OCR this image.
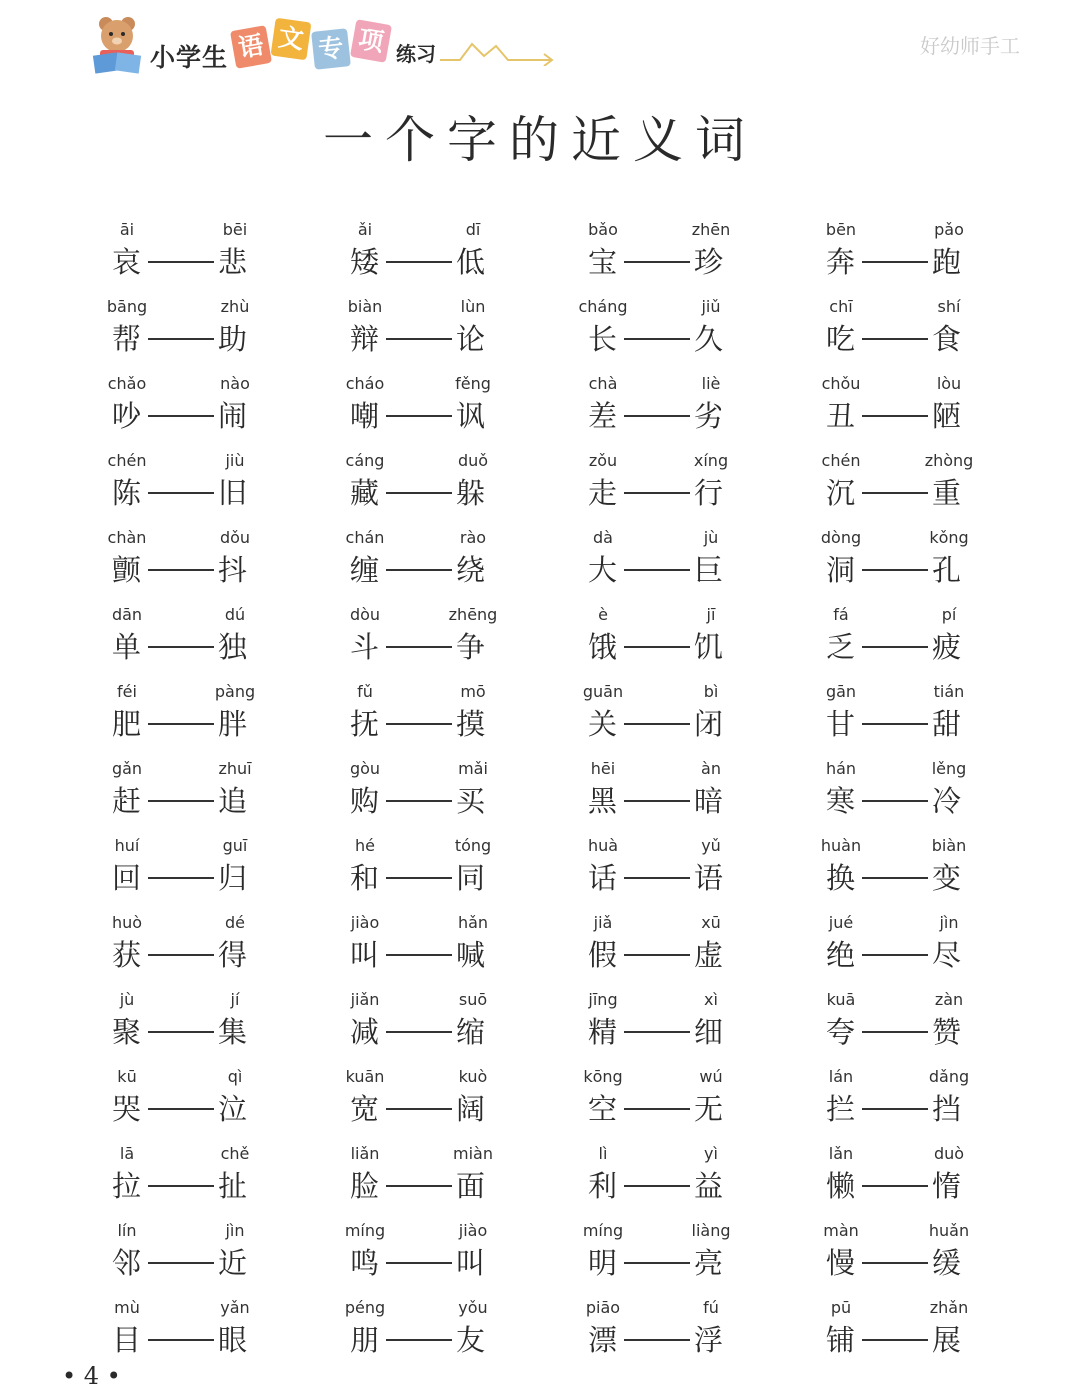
小学生 语 文 专 项 练习	好幼师手工
一个字的近义词
āi	bēi
哀	悲
ǎi	dī
矮	低
bǎo	zhēn
宝	珍
bēn	pǎo
奔	跑
bāng	zhù
帮	助
biàn	lùn
辩	论
cháng	jiǔ
长	久
chī	shí
吃	食
chǎo	nào
吵	闹
cháo	fěng
嘲	讽
chà	liè
差	劣
chǒu	lòu
丑	陋
chén	jiù
陈	旧
cáng	duǒ
藏	躲
zǒu	xíng
走	行
chén	zhòng
沉	重
chàn	dǒu
颤	抖
chán	rào
缠	绕
dà	jù
大	巨
dòng	kǒng
洞	孔
dān	dú
单	独
dòu	zhēng
斗	争
è	jī
饿	饥
fá	pí
乏	疲
féi	pàng
肥	胖
fǔ	mō
抚	摸
guān	bì
关	闭
gān	tián
甘	甜
gǎn	zhuī
赶	追
gòu	mǎi
购	买
hēi	àn
黑	暗
hán	lěng
寒	冷
huí	guī
回	归
hé	tóng
和	同
huà	yǔ
话	语
huàn	biàn
换	变
huò	dé
获	得
jiào	hǎn
叫	喊
jiǎ	xū
假	虚
jué	jìn
绝	尽
jù	jí
聚	集
jiǎn	suō
减	缩
jīng	xì
精	细
kuā	zàn
夸	赞
kū	qì
哭	泣
kuān	kuò
宽	阔
kōng	wú
空	无
lán	dǎng
拦	挡
lā	chě
拉	扯
liǎn	miàn
脸	面
lì	yì
利	益
lǎn	duò
懒	惰
lín	jìn
邻	近
míng	jiào
鸣	叫
míng	liàng
明	亮
màn	huǎn
慢	缓
mù	yǎn
目	眼
péng	yǒu
朋	友
piāo	fú
漂	浮
pū	zhǎn
铺	展
• 4 •
